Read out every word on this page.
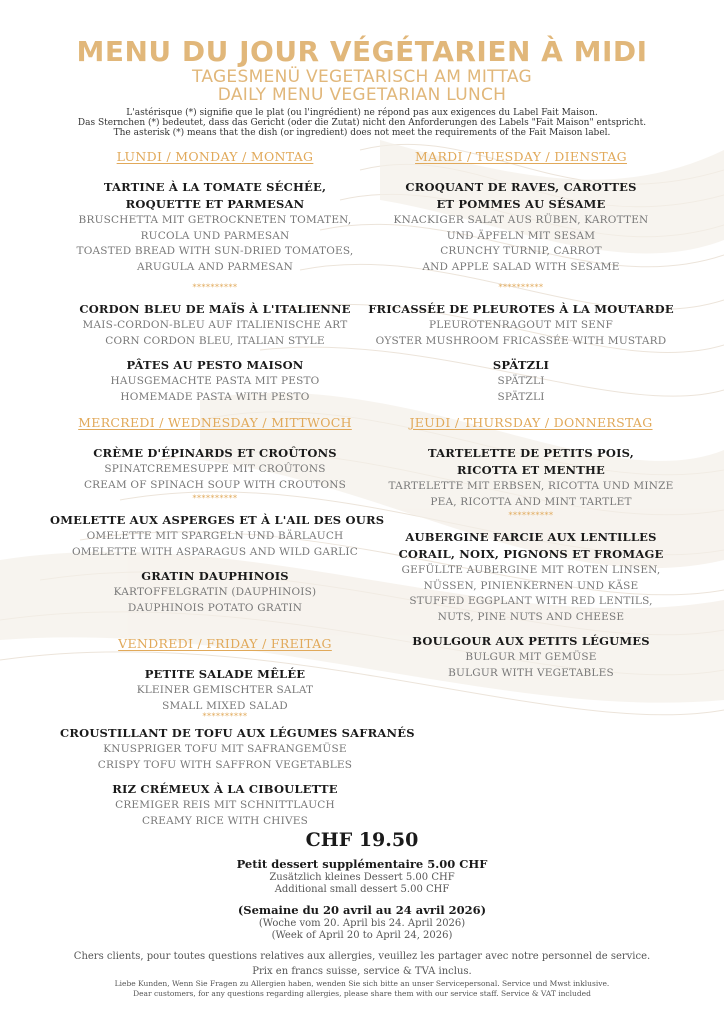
MENU DU JOUR VÉGÉTARIEN À MIDI
TAGESMENÜ VEGETARISCH AM MITTAG
DAILY MENU VEGETARIAN LUNCH
L'astérisque (*) signifie que le plat (ou l'ingrédient) ne répond pas aux exigences du Label Fait Maison.
Das Sternchen (*) bedeutet, dass das Gericht (oder die Zutat) nicht den Anforderungen des Labels "Fait Maison" entspricht.
The asterisk (*) means that the dish (or ingredient) does not meet the requirements of the Fait Maison label.
LUNDI / MONDAY / MONTAG
TARTINE À LA TOMATE SÉCHÉE,
ROQUETTE ET PARMESAN
BRUSCHETTA MIT GETROCKNETEN TOMATEN,
RUCOLA UND PARMESAN
TOASTED BREAD WITH SUN-DRIED TOMATOES,
ARUGULA AND PARMESAN
**********
CORDON BLEU DE MAÏS À L'ITALIENNE
MAIS-CORDON-BLEU AUF ITALIENISCHE ART
CORN CORDON BLEU, ITALIAN STYLE
PÂTES AU PESTO MAISON
HAUSGEMACHTE PASTA MIT PESTO
HOMEMADE PASTA WITH PESTO
MARDI / TUESDAY / DIENSTAG
CROQUANT DE RAVES, CAROTTES
ET POMMES AU SÉSAME
KNACKIGER SALAT AUS RÜBEN, KAROTTEN
UND ÄPFELN MIT SESAM
CRUNCHY TURNIP, CARROT
AND APPLE SALAD WITH SESAME
**********
FRICASSÉE DE PLEUROTES À LA MOUTARDE
PLEUROTENRAGOUT MIT SENF
OYSTER MUSHROOM FRICASSÉE WITH MUSTARD
SPÄTZLI
SPÄTZLI
SPÄTZLI
MERCREDI / WEDNESDAY / MITTWOCH
CRÈME D'ÉPINARDS ET CROÛTONS
SPINATCREMESUPPE MIT CROÛTONS
CREAM OF SPINACH SOUP WITH CROUTONS
**********
OMELETTE AUX ASPERGES ET À L'AIL DES OURS
OMELETTE MIT SPARGELN UND BÄRLAUCH
OMELETTE WITH ASPARAGUS AND WILD GARLIC
GRATIN DAUPHINOIS
KARTOFFELGRATIN (DAUPHINOIS)
DAUPHINOIS POTATO GRATIN
JEUDI / THURSDAY / DONNERSTAG
TARTELETTE DE PETITS POIS,
RICOTTA ET MENTHE
TARTELETTE MIT ERBSEN, RICOTTA UND MINZE
PEA, RICOTTA AND MINT TARTLET
**********
AUBERGINE FARCIE AUX LENTILLES
CORAIL, NOIX, PIGNONS ET FROMAGE
GEFÜLLTE AUBERGINE MIT ROTEN LINSEN,
NÜSSEN, PINIENKERNEN UND KÄSE
STUFFED EGGPLANT WITH RED LENTILS,
NUTS, PINE NUTS AND CHEESE
BOULGOUR AUX PETITS LÉGUMES
BULGUR MIT GEMÜSE
BULGUR WITH VEGETABLES
VENDREDI / FRIDAY / FREITAG
PETITE SALADE MÊLÉE
KLEINER GEMISCHTER SALAT
SMALL MIXED SALAD
**********
CROUSTILLANT DE TOFU AUX LÉGUMES SAFRANÉS
KNUSPRIGER TOFU MIT SAFRANGEMÜSE
CRISPY TOFU WITH SAFFRON VEGETABLES
RIZ CRÉMEUX À LA CIBOULETTE
CREMIGER REIS MIT SCHNITTLAUCH
CREAMY RICE WITH CHIVES
CHF 19.50
Petit dessert supplémentaire 5.00 CHF
Zusätzlich kleines Dessert 5.00 CHF
Additional small dessert 5.00 CHF
(Semaine du 20 avril au 24 avril 2026)
(Woche vom 20. April bis 24. April 2026)
(Week of April 20 to April 24, 2026)
Chers clients, pour toutes questions relatives aux allergies, veuillez les partager avec notre personnel de service.
Prix en francs suisse, service & TVA inclus.
Liebe Kunden, Wenn Sie Fragen zu Allergien haben, wenden Sie sich bitte an unser Servicepersonal. Service und Mwst inklusive.
Dear customers, for any questions regarding allergies, please share them with our service staff. Service & VAT included
